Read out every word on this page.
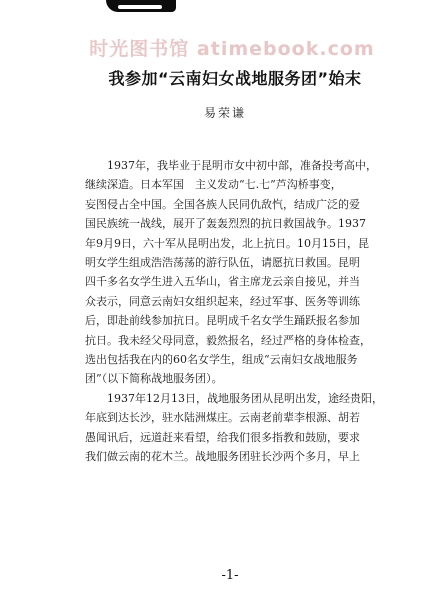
时光图书馆 atimebook.com
我参加“云南妇女战地服务团”始末
易荣谦
　　1937年，我毕业于昆明市女中初中部，准备投考高中，
继续深造。日本军国　主义发动“七.七”芦沟桥事变，
妄图侵占全中国。全国各族人民同仇敌忾，结成广泛的爱
国民族统一战线，展开了轰轰烈烈的抗日救国战争。1937
年9月9日，六十军从昆明出发，北上抗日。10月15日，昆
明女学生组成浩浩荡荡的游行队伍，请愿抗日救国。昆明
四千多名女学生进入五华山，省主席龙云亲自接见，并当
众表示，同意云南妇女组织起来，经过军事、医务等训练
后，即赴前线参加抗日。昆明成千名女学生踊跃报名参加
抗日。我未经父母同意，毅然报名，经过严格的身体检查，
选出包括我在内的60名女学生，组成“云南妇女战地服务
团”（以下简称战地服务团）。
　　1937年12月13日，战地服务团从昆明出发，途经贵阳，
年底到达长沙，驻水陆洲煤庄。云南老前辈李根源、胡若
愚闻讯后，远道赶来看望，给我们很多指教和鼓励，要求
我们做云南的花木兰。战地服务团驻长沙两个多月，早上
-1-
